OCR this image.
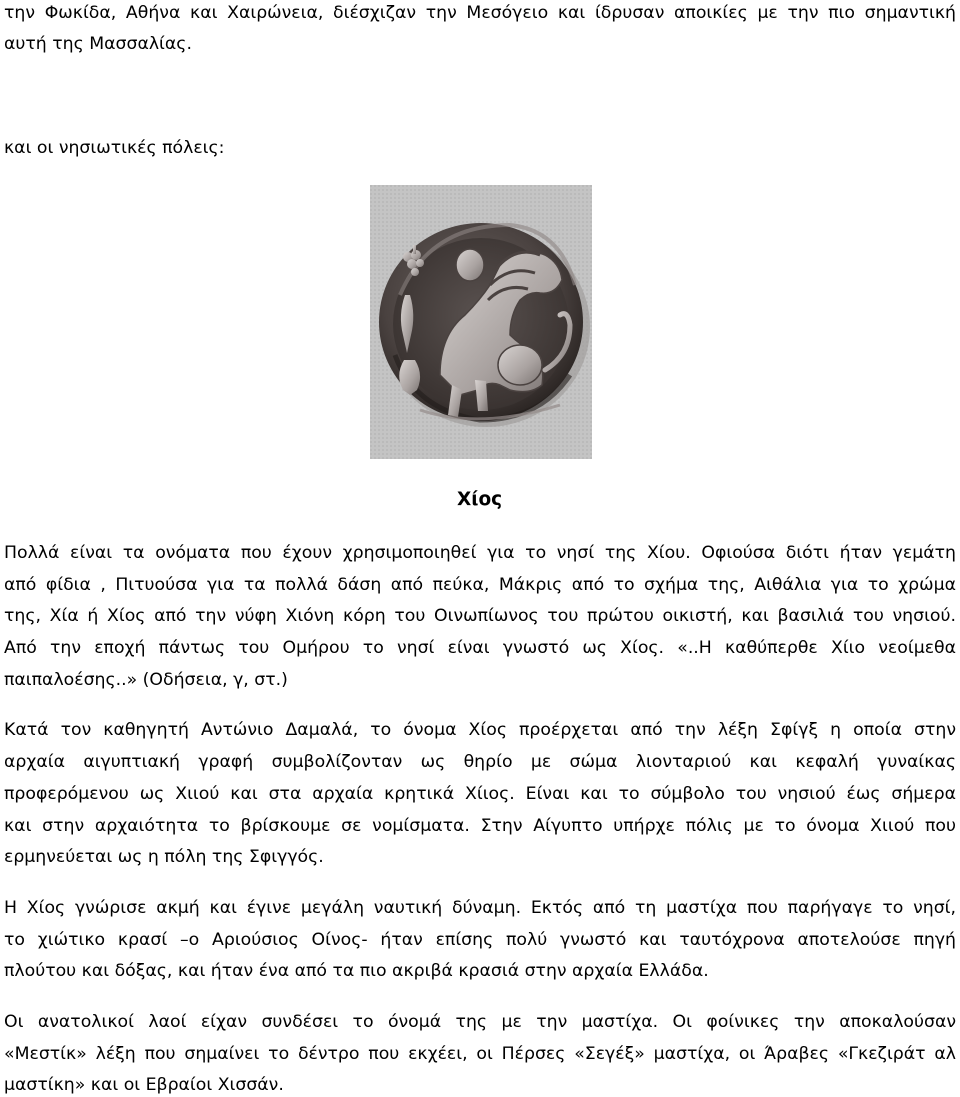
την Φωκίδα, Αθήνα και Χαιρώνεια, διέσχιζαν την Μεσόγειο και ίδρυσαν αποικίες με την πιο σημαντική
αυτή της Μασσαλίας.
και οι νησιωτικές πόλεις:
Πολλά είναι τα ονόματα που έχουν χρησιμοποιηθεί για το νησί της Χίου. Οφιούσα διότι ήταν γεμάτη
από φίδια , Πιτυούσα για τα πολλά δάση από πεύκα, Μάκρις από το σχήμα της, Αιθάλια για το χρώμα
της, Χία ή Χίος από την νύφη Χιόνη κόρη του Οινωπίωνος του πρώτου οικιστή, και βασιλιά του νησιού.
Από την εποχή πάντως του Ομήρου το νησί είναι γνωστό ως Χίος. «..Η καθύπερθε Χίιο νεοίμεθα
παιπαλοέσης..» (Οδήσεια, γ, στ.)
Κατά τον καθηγητή Αντώνιο Δαμαλά, το όνομα Χίος προέρχεται από την λέξη Σφίγξ η οποία στην
αρχαία αιγυπτιακή γραφή συμβολίζονταν ως θηρίο με σώμα λιονταριού και κεφαλή γυναίκας
προφερόμενου ως Χιιού και στα αρχαία κρητικά Χίιος. Είναι και το σύμβολο του νησιού έως σήμερα
και στην αρχαιότητα το βρίσκουμε σε νομίσματα. Στην Αίγυπτο υπήρχε πόλις με το όνομα Χιιού που
ερμηνεύεται ως η πόλη της Σφιγγός.
Η Χίος γνώρισε ακμή και έγινε μεγάλη ναυτική δύναμη. Εκτός από τη μαστίχα που παρήγαγε το νησί,
το χιώτικο κρασί –ο Αριούσιος Οίνος- ήταν επίσης πολύ γνωστό και ταυτόχρονα αποτελούσε πηγή
πλούτου και δόξας, και ήταν ένα από τα πιο ακριβά κρασιά στην αρχαία Ελλάδα.
Οι ανατολικοί λαοί είχαν συνδέσει το όνομά της με την μαστίχα. Οι φοίνικες την αποκαλούσαν
«Μεστίκ» λέξη που σημαίνει το δέντρο που εκχέει, οι Πέρσες «Σεγέξ» μαστίχα, οι Άραβες «Γκεζιράτ αλ
μαστίκη» και οι Εβραίοι Χισσάν.
Χίος
